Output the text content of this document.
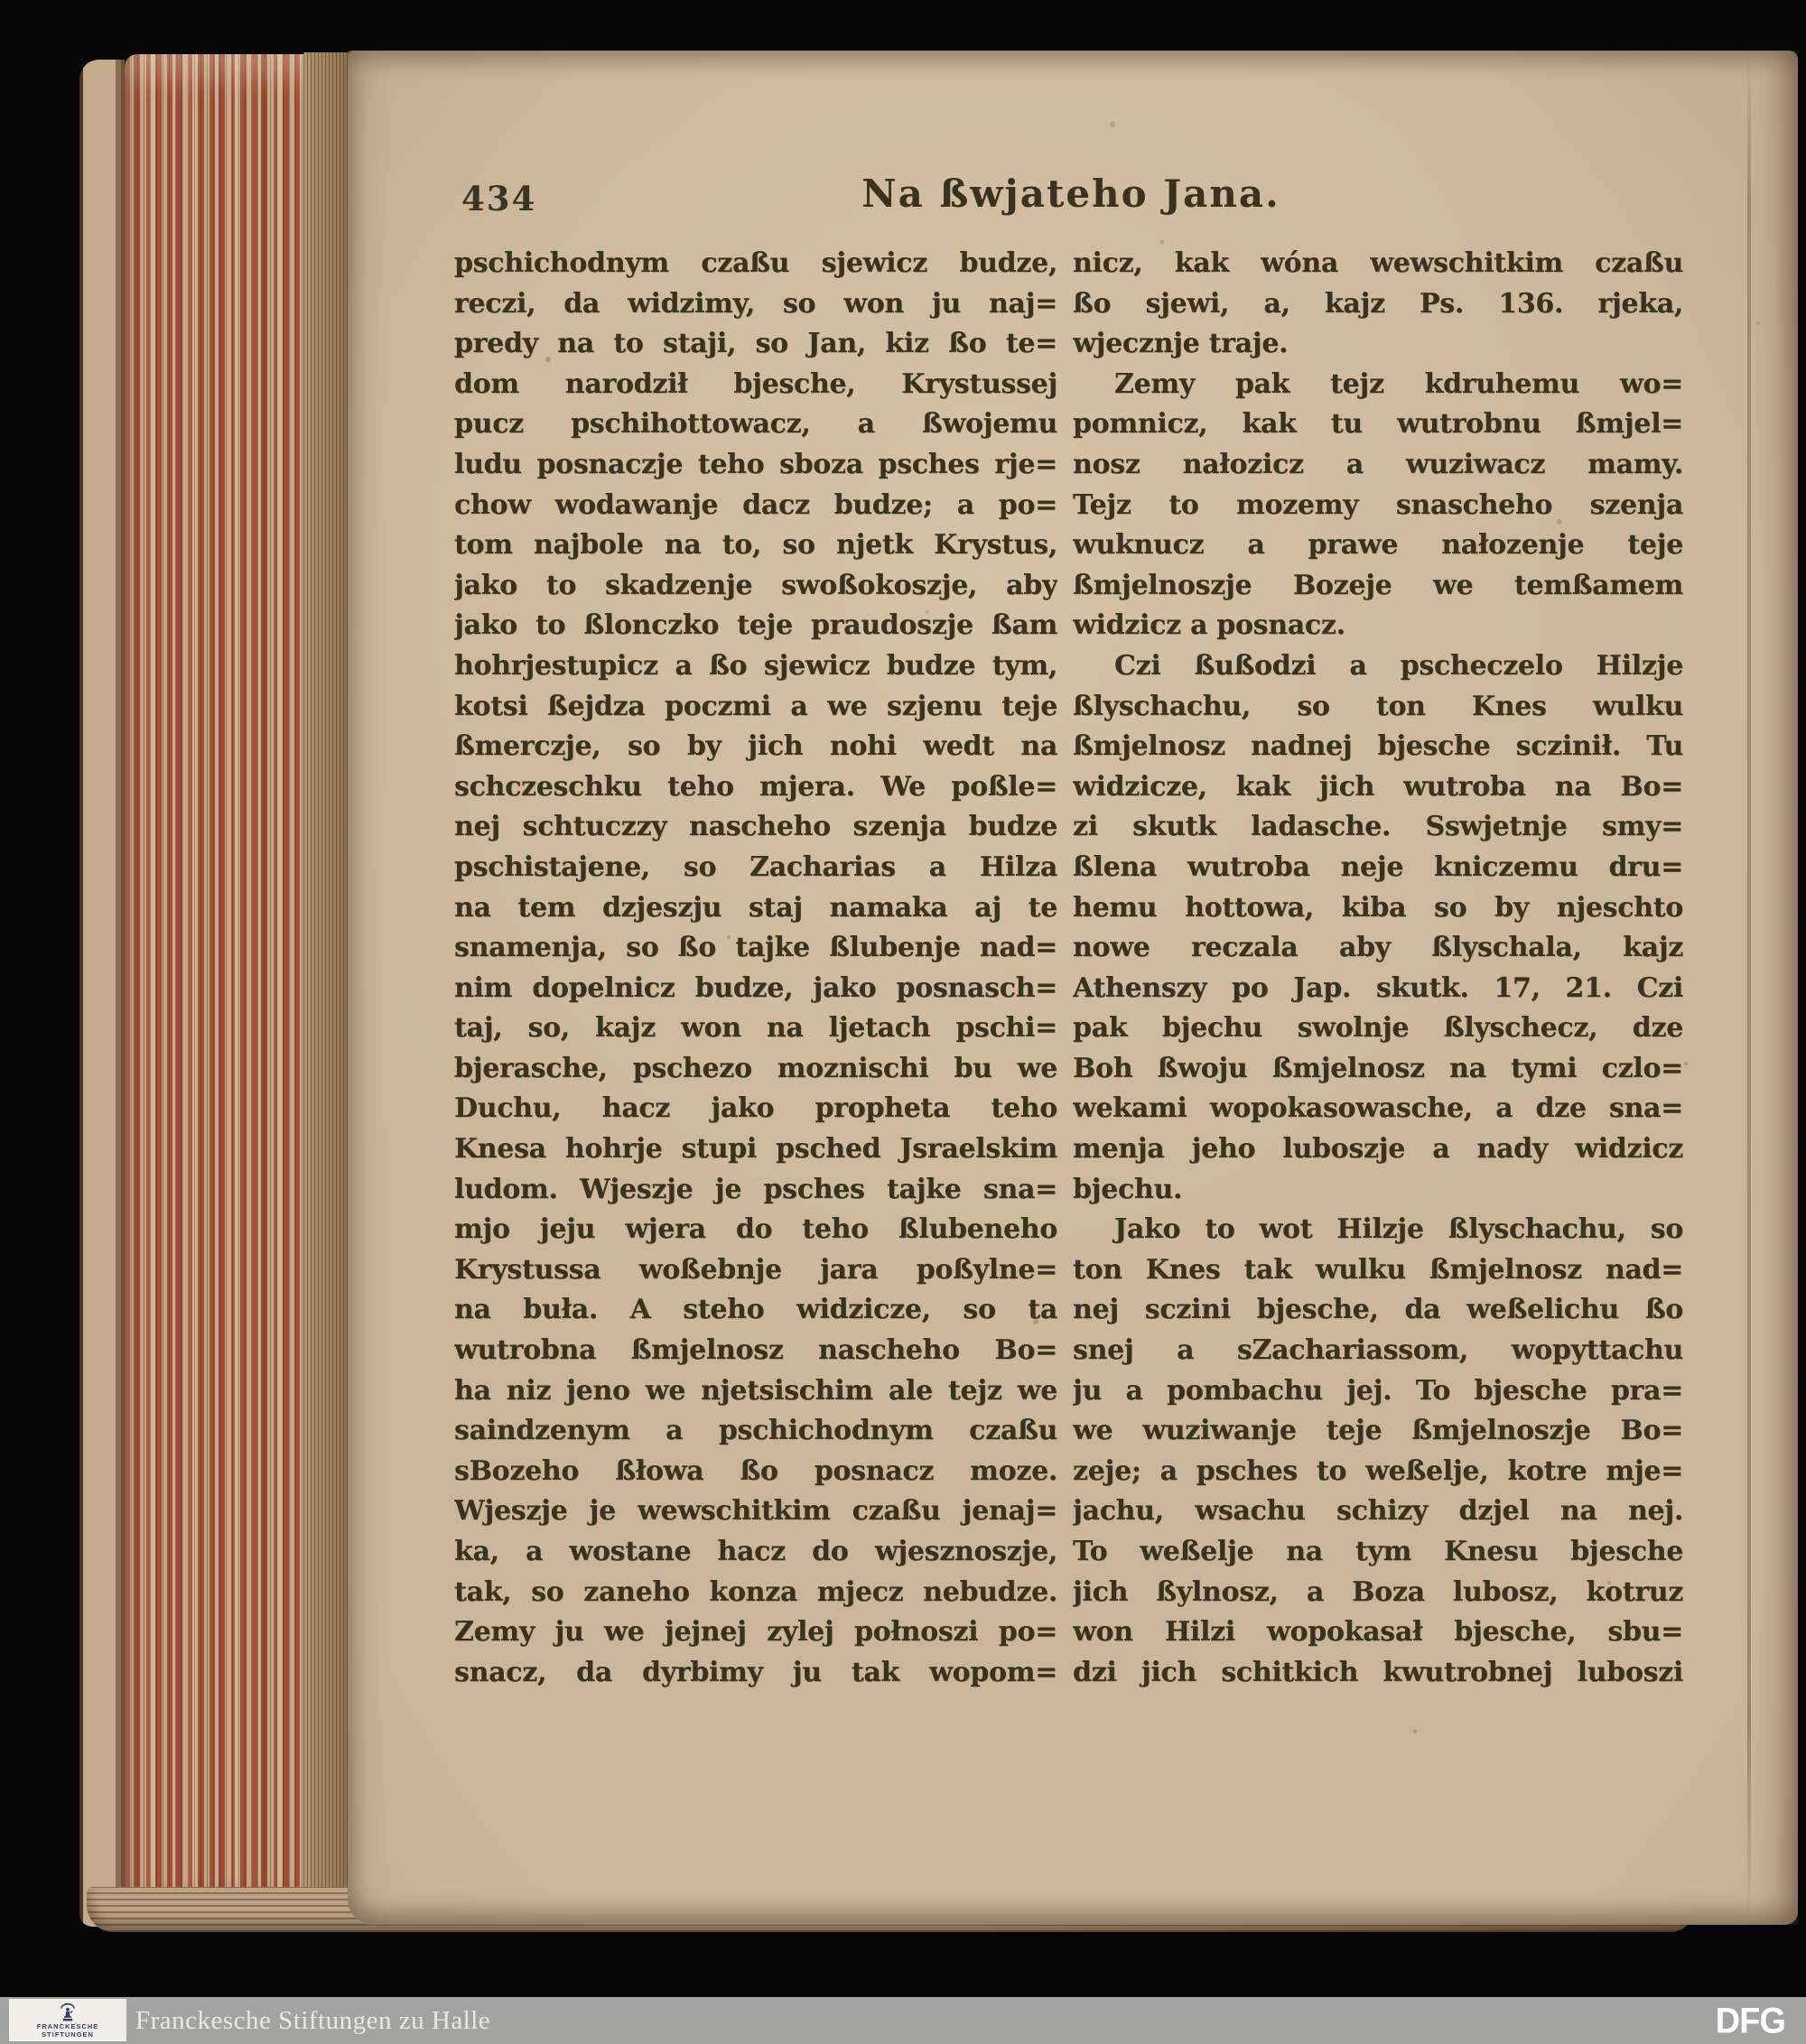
434	Na ßwjateho Jana.
pschichodnym czaßu sjewicz budze,
reczi, da widzimy, so won ju naj=
predy na to staji, so Jan, kiz ßo te=
dom narodził bjesche, Krystussej
pucz pschihottowacz, a ßwojemu
ludu posnaczje teho sboza psches rje=
chow wodawanje dacz budze; a po=
tom najbole na to, so njetk Krystus,
jako to skadzenje swoßokoszje, aby
jako to ßlonczko teje praudoszje ßam
hohrjestupicz a ßo sjewicz budze tym,
kotsi ßejdza poczmi a we szjenu teje
ßmerczje, so by jich nohi wedt na
schczeschku teho mjera. We poßle=
nej schtuczzy nascheho szenja budze
pschistajene, so Zacharias a Hilza
na tem dzjeszju staj namaka aj te
snamenja, so ßo tajke ßlubenje nad=
nim dopelnicz budze, jako posnasch=
taj, so, kajz won na ljetach pschi=
bjerasche, pschezo moznischi bu we
Duchu, hacz jako propheta teho
Knesa hohrje stupi psched Jsraelskim
ludom. Wjeszje je psches tajke sna=
mjo jeju wjera do teho ßlubeneho
Krystussa woßebnje jara poßylne=
na buła. A steho widzicze, so ta
wutrobna ßmjelnosz nascheho Bo=
ha niz jeno we njetsischim ale tejz we
saindzenym a pschichodnym czaßu
sBozeho ßłowa ßo posnacz moze.
Wjeszje je wewschitkim czaßu jenaj=
ka, a wostane hacz do wjesznoszje,
tak, so zaneho konza mjecz nebudze.
Zemy ju we jejnej zylej połnoszi po=
snacz, da dyrbimy ju tak wopom=
nicz, kak wóna wewschitkim czaßu
ßo sjewi, a, kajz Ps. 136. rjeka,
wjecznje traje.
Zemy pak tejz kdruhemu wo=
pomnicz, kak tu wutrobnu ßmjel=
nosz nałozicz a wuziwacz mamy.
Tejz to mozemy snascheho szenja
wuknucz a prawe nałozenje teje
ßmjelnoszje Bozeje we temßamem
widzicz a posnacz.
Czi ßußodzi a pscheczelo Hilzje
ßlyschachu, so ton Knes wulku
ßmjelnosz nadnej bjesche sczinił. Tu
widzicze, kak jich wutroba na Bo=
zi skutk ladasche. Sswjetnje smy=
ßlena wutroba neje kniczemu dru=
hemu hottowa, kiba so by njeschto
nowe reczala aby ßlyschala, kajz
Athenszy po Jap. skutk. 17, 21. Czi
pak bjechu swolnje ßlyschecz, dze
Boh ßwoju ßmjelnosz na tymi czlo=
wekami wopokasowasche, a dze sna=
menja jeho luboszje a nady widzicz
bjechu.
Jako to wot Hilzje ßlyschachu, so
ton Knes tak wulku ßmjelnosz nad=
nej sczini bjesche, da weßelichu ßo
snej a sZachariassom, wopyttachu
ju a pombachu jej. To bjesche pra=
we wuziwanje teje ßmjelnoszje Bo=
zeje; a psches to weßelje, kotre mje=
jachu, wsachu schizy dzjel na nej.
To weßelje na tym Knesu bjesche
jich ßylnosz, a Boza lubosz, kotruz
won Hilzi wopokasał bjesche, sbu=
dzi jich schitkich kwutrobnej luboszi
FRANCKESCHE
STIFTUNGEN Franckesche Stiftungen zu Halle	DFG
